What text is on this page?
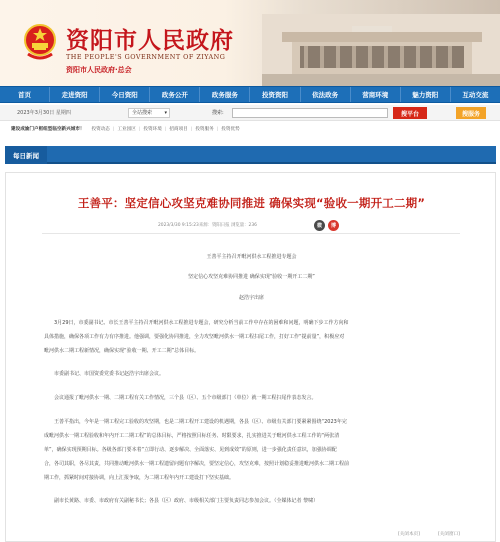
资阳市人民政府
THE PEOPLE'S GOVERNMENT OF ZIYANG
资阳市人民政府·总会
首页	走进资阳	今日资阳	政务公开	政务服务	投资资阳	依法政务	营商环境	魅力资阳	互动交流
2023年3月30日 星期四	全站搜索 ▾	搜索:	搜平台	搜服务
建设成渝门户枢纽型临空新兴城市！ 投资动态 | 工业园区 | 投资环境 | 招商项目 | 投资服务 | 投资优势
每日新闻
王善平：坚定信心攻坚克难协同推进 确保实现“验收一期开工二期”
2023/3/30 9:15:23来源：资阳日报 浏览量：236	微	博
王善平主持召开毗河供水工程推进专题会
坚定信心攻坚克难协同推进 确保实现“验收一期开工二期”
赵浩宇出席
3月29日，市委副书记、市长王善平主持召开毗河供水工程推进专题会，研究分析当前工作中存在的困难和问题，明确下步工作方向和
具体措施，确保各项工作有力有序推进。他强调，要强化协同推进，全力攻坚毗河供水一期工程扫尾工作，打好工作“提前量”，积极应对
毗河供水二期工程新情况，确保实现“验收一期、开工二期”总体目标。
市委副书记、市国资委党委书记赵浩宇出席会议。
会议通报了毗河供水一期、二期工程有关工作情况，三个县（区）、五个市级部门（单位）就一期工程扫尾作表态发言。
王善平指出，今年是一期工程完工验收的攻坚期，也是二期工程开工建设的机遇期，各县（区）、市级有关部门要紧紧围绕“2023年完
成毗河供水一期工程验收和年内开工二期工程”的总体目标，严格按照目标任务、时限要求，扎实推进关于毗河供水工程工作的“两张清
单”，确保实现预期目标。各级各部门要本着“立即行动、逐步解决、全面落实、见到成效”的原则，进一步强化责任意识，加强协调配
合，各司其职，各尽其责，共同推动毗河供水一期工程遗留问题有序解决，要坚定信心，攻坚克难，按照计划稳妥推进毗河供水二期工程前
期工作，抓紧时间对接协调，向上汇报争取，为二期工程年内开工建设打下坚实基础。
副市长黄路、市委、市政府有关副秘书长；各县（区）政府、市级相关部门主要负责同志参加会议。（全媒体记者 黎啸）
[关闭本页]	[关闭窗口]
